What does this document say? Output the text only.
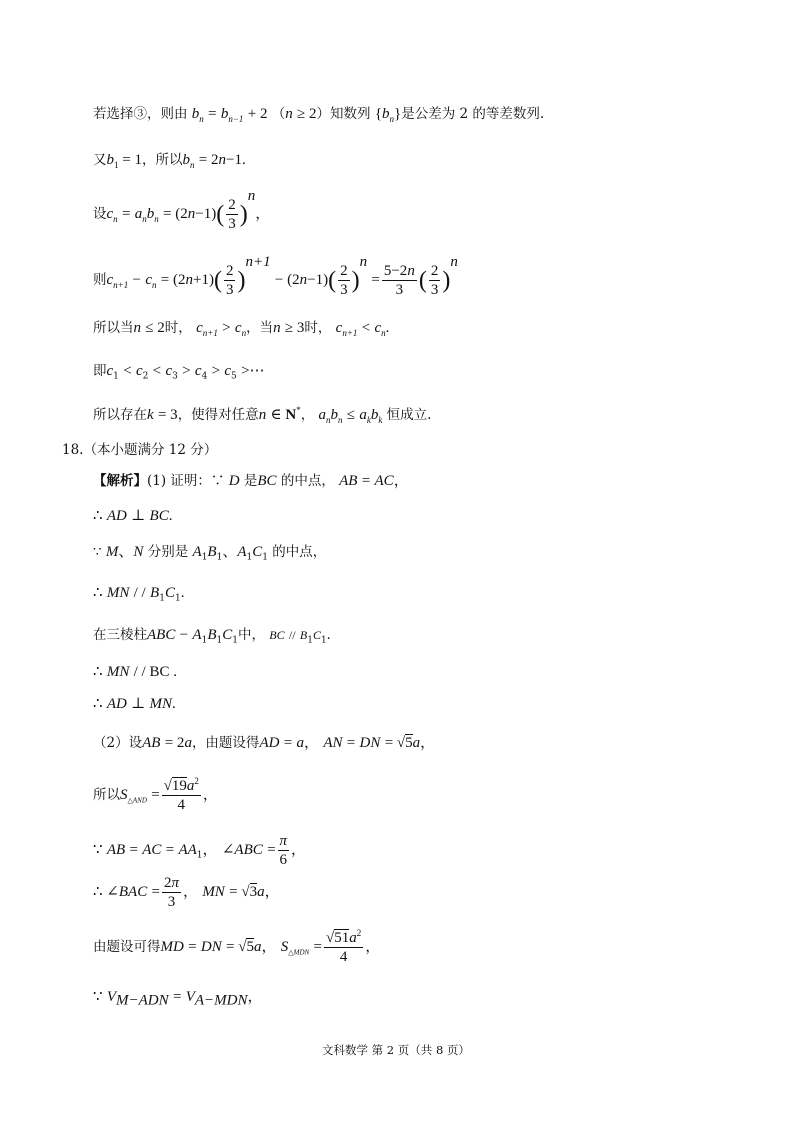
若选择③，则由 $b_n = b_{n-1} + 2$ （n ≥ 2）知数列 $\{b_n\}$是公差为 2 的等差数列.
又$b_1 = 1$，所以$b_n = 2n-1$.
设$c_n = a_nb_n = (2n-1)( \frac{2}{3} )^n$，
则$c_{n+1} - c_n = (2n+1)( \frac{2}{3} )^{n+1} - (2n-1)( \frac{2}{3} )^n = \frac{5-2n}{3}$ ( $\frac{2}{3} )^n$
所以当n ≤ 2时， $c_{n+1} > c_n$，当n ≥ 3时， $c_{n+1} < c_n$.
即$c_1 < c_2 < c_3 > c_4 > c_5$ >⋯
所以存在k = 3，使得对任意n ∈ N*， $a_nb_n \le a_kb_k$ 恒成立.
18.（本小题满分 12 分）
【解析】(1) 证明：∵ D 是BC 的中点， AB = AC，
∴ AD ⊥ BC.
∵ M、N 分别是 $A_1B_1$、$A_1C_1$ 的中点，
∴ MN / / $B_1C_1$.
在三棱柱ABC − $A_1B_1C_1$中， BC // $B_1C_1$.
∴ MN / / BC .
∴ AD ⊥ MN.
（2）设AB = 2a，由题设得AD = a， AN = DN = √5a，
所以$S_{\triangle AND} = \frac{√19a^2}{4}$ ，
∵ AB = AC = $AA_1$， ∠ABC = $\frac{\pi}{6}$ ，
∴ ∠BAC = $\frac{2\pi}{3}$ ， MN = √3a，
由题设可得MD = DN = √5a， $S_{\triangle MDN} = \frac{√51a^2}{4}$ ，
∵ $V_{M-ADN} = V_{A-MDN}$，
文科数学 第 2 页（共 8 页）
